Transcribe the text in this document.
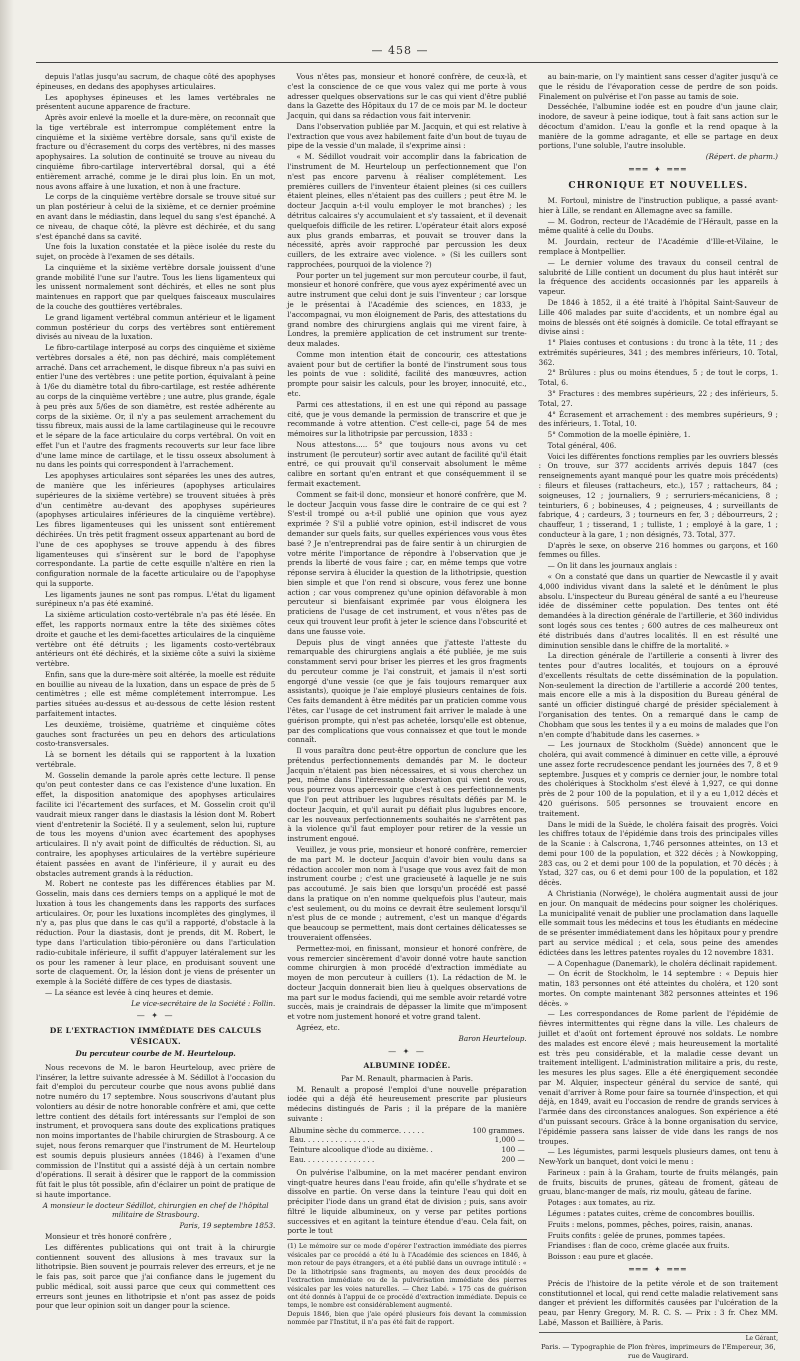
— 458 —

depuis l'atlas jusqu'au sacrum, de chaque côté des apophyses épineuses, en dedans des apophyses articulaires.

Les apophyses épineuses et les lames vertébrales ne présentent aucune apparence de fracture.

Après avoir enlevé la moelle et la dure-mère, on reconnaît que la tige vertébrale est interrompue complétement entre la cinquième et la sixième vertèbre dorsale, sans qu'il existe de fracture ou d'écrasement du corps des vertèbres, ni des masses apophysaires. La solution de continuité se trouve au niveau du cinquième fibro-cartilage intervertébral dorsal, qui a été entièrement arraché, comme je le dirai plus loin. En un mot, nous avons affaire à une luxation, et non à une fracture.

Le corps de la cinquième vertèbre dorsale se trouve situé sur un plan postérieur à celui de la sixième, et ce dernier proémine en avant dans le médiastin, dans lequel du sang s'est épanché. A ce niveau, de chaque côté, la plèvre est déchirée, et du sang s'est épanché dans sa cavité.

Une fois la luxation constatée et la pièce isolée du reste du sujet, on procède à l'examen de ses détails.

La cinquième et la sixième vertèbre dorsale jouissent d'une grande mobilité l'une sur l'autre. Tous les liens ligamenteux qui les unissent normalement sont déchirés, et elles ne sont plus maintenues en rapport que par quelques faisceaux musculaires de la couche des gouttières vertébrales.

Le grand ligament vertébral commun antérieur et le ligament commun postérieur du corps des vertèbres sont entièrement divisés au niveau de la luxation.

Le fibro-cartilage interposé au corps des cinquième et sixième vertèbres dorsales a été, non pas déchiré, mais complétement arraché. Dans cet arrachement, le disque fibreux n'a pas suivi en entier l'une des vertèbres : une petite portion, équivalant à peine à 1/6e du diamètre total du fibro-cartilage, est restée adhérente au corps de la cinquième vertèbre ; une autre, plus grande, égale à peu près aux 5/6es de son diamètre, est restée adhérente au corps de la sixième. Or, il n'y a pas seulement arrachement du tissu fibreux, mais aussi de la lame cartilagineuse qui le recouvre et le sépare de la face articulaire du corps vertébral. On voit en effet l'un et l'autre des fragments recouverts sur leur face libre d'une lame mince de cartilage, et le tissu osseux absolument à nu dans les points qui correspondent à l'arrachement.

Les apophyses articulaires sont séparées les unes des autres, de manière que les inférieures (apophyses articulaires supérieures de la sixième vertèbre) se trouvent situées à près d'un centimètre au-devant des apophyses supérieures (apophyses articulaires inférieures de la cinquième vertèbre). Les fibres ligamenteuses qui les unissent sont entièrement déchirées. Un très petit fragment osseux appartenant au bord de l'une de ces apophyses se trouve appendu à des fibres ligamenteuses qui s'insèrent sur le bord de l'apophyse correspondante. La partie de cette esquille n'altère en rien la configuration normale de la facette articulaire ou de l'apophyse qui la supporte.

Les ligaments jaunes ne sont pas rompus. L'état du ligament surépineux n'a pas été examiné.

La sixième articulation costo-vertébrale n'a pas été lésée. En effet, les rapports normaux entre la tête des sixièmes côtes droite et gauche et les demi-facettes articulaires de la cinquième vertèbre ont été détruits ; les ligaments costo-vertébraux antérieurs ont été déchirés, et la sixième côte a suivi la sixième vertèbre.

Enfin, sans que la dure-mère soit altérée, la moelle est réduite en bouillie au niveau de la luxation, dans un espace de près de 5 centimètres ; elle est même complétement interrompue. Les parties situées au-dessus et au-dessous de cette lésion restent parfaitement intactes.

Les deuxième, troisième, quatrième et cinquième côtes gauches sont fracturées un peu en dehors des articulations costo-transversales.

Là se bornent les détails qui se rapportent à la luxation vertébrale.

M. Gosselin demande la parole après cette lecture. Il pense qu'on peut contester dans ce cas l'existence d'une luxation. En effet, la disposition anatomique des apophyses articulaires facilite ici l'écartement des surfaces, et M. Gosselin croit qu'il vaudrait mieux ranger dans le diastasis la lésion dont M. Robert vient d'entretenir la Société. Il y a seulement, selon lui, rupture de tous les moyens d'union avec écartement des apophyses articulaires. Il n'y avait point de difficultés de réduction. Si, au contraire, les apophyses articulaires de la vertèbre supérieure étaient passées en avant de l'inférieure, il y aurait eu des obstacles autrement grands à la réduction.

M. Robert ne conteste pas les différences établies par M. Gosselin, mais dans ces derniers temps on a appliqué le mot de luxation à tous les changements dans les rapports des surfaces articulaires. Or, pour les luxations incomplètes des ginglymes, il n'y a, pas plus que dans le cas qu'il a rapporté, d'obstacle à la réduction. Pour la diastasis, dont je prends, dit M. Robert, le type dans l'articulation tibio-péronière ou dans l'articulation radio-cubitale inférieure, il suffit d'appuyer latéralement sur les os pour les ramener à leur place, en produisant souvent une sorte de claquement. Or, la lésion dont je viens de présenter un exemple à la Société diffère de ces types de diastasis.

— La séance est levée à cinq heures et demie.

Le vice-secrétaire de la Société : Follin.

— ✦ —
DE L'EXTRACTION IMMÉDIATE DES CALCULS VÉSICAUX.
Du percuteur courbe de M. Heurteloup.

Nous recevons de M. le baron Heurteloup, avec prière de l'insérer, la lettre suivante adressée à M. Sédillot à l'occasion du fait d'emploi du percuteur courbe que nous avons publié dans notre numéro du 17 septembre. Nous souscrivons d'autant plus volontiers au désir de notre honorable confrère et ami, que cette lettre contient des détails fort intéressants sur l'emploi de son instrument, et provoquera sans doute des explications pratiques non moins importantes de l'habile chirurgien de Strasbourg. A ce sujet, nous ferons remarquer que l'instrument de M. Heurteloup est soumis depuis plusieurs années (1846) à l'examen d'une commission de l'Institut qui a assisté déjà à un certain nombre d'opérations. Il serait à désirer que le rapport de la commission fût fait le plus tôt possible, afin d'éclairer un point de pratique de si haute importance.

A monsieur le docteur Sédillot, chirurgien en chef de l'hôpital militaire de Strasbourg.

Paris, 19 septembre 1853.

Monsieur et très honoré confrère ,

Les différentes publications qui ont trait à la chirurgie contiennent souvent des allusions à mes travaux sur la lithotripsie. Bien souvent je pourrais relever des erreurs, et je ne le fais pas, soit parce que j'ai confiance dans le jugement du public médical, soit aussi parce que ceux qui commettent ces erreurs sont jeunes en lithotripsie et n'ont pas assez de poids pour que leur opinion soit un danger pour la science.

Vous n'êtes pas, monsieur et honoré confrère, de ceux-là, et c'est la conscience de ce que vous valez qui me porte à vous adresser quelques observations sur le cas qui vient d'être publié dans la Gazette des Hôpitaux du 17 de ce mois par M. le docteur Jacquin, qui dans sa rédaction vous fait intervenir.

Dans l'observation publiée par M. Jacquin, et qui est relative à l'extraction que vous avez habilement faite d'un bout de tuyau de pipe de la vessie d'un malade, il s'exprime ainsi :

« M. Sédillot voudrait voir accomplir dans la fabrication de l'instrument de M. Heurteloup un perfectionnement que l'on n'est pas encore parvenu à réaliser complétement. Les premières cuillers de l'inventeur étaient pleines (si ces cuillers étaient pleines, elles n'étaient pas des cuillers ; peut être M. le docteur Jacquin a-t-il voulu employer le mot branches) ; les détritus calcaires s'y accumulaient et s'y tassaient, et il devenait quelquefois difficile de les retirer. L'opérateur était alors exposé aux plus grands embarras, et pouvait se trouver dans la nécessité, après avoir rapproché par percussion les deux cuillers, de les extraire avec violence. » (Si les cuillers sont rapprochées, pourquoi de la violence ?)

Pour porter un tel jugement sur mon percuteur courbe, il faut, monsieur et honoré confrère, que vous ayez expérimenté avec un autre instrument que celui dont je suis l'inventeur ; car lorsque je le présentai à l'Académie des sciences, en 1833, je l'accompagnai, vu mon éloignement de Paris, des attestations du grand nombre des chirurgiens anglais qui me virent faire, à Londres, la première application de cet instrument sur trente-deux malades.

Comme mon intention était de concourir, ces attestations avaient pour but de certifier la bonté de l'instrument sous tous les points de vue : solidité, facilité des manœuvres, action prompte pour saisir les calculs, pour les broyer, innocuité, etc., etc.

Parmi ces attestations, il en est une qui répond au passage cité, que je vous demande la permission de transcrire et que je recommande à votre attention. C'est celle-ci, page 54 de mes mémoires sur la lithotripsie par percussion, 1833 :

Nous attestons..... 5° que toujours nous avons vu cet instrument (le percuteur) sortir avec autant de facilité qu'il était entré, ce qui prouvait qu'il conservait absolument le même calibre en sortant qu'en entrant et que conséquemment il se fermait exactement.

Comment se fait-il donc, monsieur et honoré confrère, que M. le docteur Jacquin vous fasse dire le contraire de ce qui est ? S'est-il trompé ou a-t-il publié une opinion que vous ayez exprimée ? S'il a publié votre opinion, est-il indiscret de vous demander sur quels faits, sur quelles expériences vous vous êtes basé ? Je n'entreprendrai pas de faire sentir à un chirurgien de votre mérite l'importance de répondre à l'observation que je prends la liberté de vous faire ; car, en même temps que votre réponse servira à élucider la question de la lithotripsie, question bien simple et que l'on rend si obscure, vous ferez une bonne action ; car vous comprenez qu'une opinion défavorable à mon percuteur si bienfaisant exprimée par vous éloignera les praticiens de l'usage de cet instrument, et vous n'êtes pas de ceux qui trouvent leur profit à jeter le science dans l'obscurité et dans une fausse voie.

Depuis plus de vingt années que j'atteste l'atteste du remarquable des chirurgiens anglais a été publiée, je me suis constamment servi pour briser les pierres et les gros fragments du percuteur comme je l'ai construit, et jamais il n'est sorti engorgé d'une vessie (ce que je fais toujours remarquer aux assistants), quoique je l'aie employé plusieurs centaines de fois. Ces faits demandent à être médités par un praticien comme vous l'êtes, car l'usage de cet instrument fait arriver le malade à une guérison prompte, qui n'est pas achetée, lorsqu'elle est obtenue, par des complications que vous connaissez et que tout le monde connaît.

Il vous paraîtra donc peut-être opportun de conclure que les prétendus perfectionnements demandés par M. le docteur Jacquin n'étaient pas bien nécessaires, et si vous cherchez un peu, même dans l'intéressante observation qui vient de vous, vous pourrez vous apercevoir que c'est à ces perfectionnements que l'on peut attribuer les lugubres résultats défiés par M. le docteur Jacquin, et qu'il aurait pu défiait plus lugubres encore, car les nouveaux perfectionnements souhaités ne s'arrêtent pas à la violence qu'il faut employer pour retirer de la vessie un instrument engoué.

Veuillez, je vous prie, monsieur et honoré confrère, remercier de ma part M. le docteur Jacquin d'avoir bien voulu dans sa rédaction accoler mon nom à l'usage que vous avez fait de mon instrument courbe ; c'est une gracieuseté à laquelle je ne suis pas accoutumé. Je sais bien que lorsqu'un procédé est passé dans la pratique on n'en nomme quelquefois plus l'auteur, mais c'est seulement, ou du moins ce devrait être seulement lorsqu'il n'est plus de ce monde ; autrement, c'est un manque d'égards que beaucoup se permettent, mais dont certaines délicatesses se trouveraient offensées.

Permettez-moi, en finissant, monsieur et honoré confrère, de vous remercier sincèrement d'avoir donné votre haute sanction comme chirurgien à mon procédé d'extraction immédiate au moyen de mon percuteur à cuillers (1). La rédaction de M. le docteur Jacquin donnerait bien lieu à quelques observations de ma part sur le modus faciendi, qui me semble avoir retardé votre succès, mais je craindrais de dépasser la limite que m'imposent et votre nom justement honoré et votre grand talent.

Agréez, etc.

Baron Heurteloup.

— ✦ —
ALBUMINE IODÉE.

Par M. Renault, pharmacien à Paris.

M. Renault a proposé l'emploi d'une nouvelle préparation iodée qui a déjà été heureusement prescrite par plusieurs médecins distingués de Paris ; il la prépare de la manière suivante :

Albumine sèche du commerce. . . . . .	100 grammes.
Eau. . . . . . . . . . . . . . . .	1,000 —
Teinture alcoolique d'iode au dixième. .	100 —
Eau. . . . . . . . . . . . . . . .	200 —

On pulvérise l'albumine, on la met macérer pendant environ vingt-quatre heures dans l'eau froide, afin qu'elle s'hydrate et se dissolve en partie. On verse dans la teinture l'eau qui doit en précipiter l'iode dans un grand état de division ; puis, sans avoir filtré le liquide albumineux, on y verse par petites portions successives et en agitant la teinture étendue d'eau. Cela fait, on porte le tout

(1) Le mémoire sur ce mode d'opérer l'extraction immédiate des pierres vésicales par ce procédé a été lu à l'Académie des sciences en 1846, à mon retour de pays étrangers, et a été publié dans un ouvrage intitulé : « De la lithotripsie sans fragments, au moyen des deux procédés de l'extraction immédiate ou de la pulvérisation immédiate des pierres vésicales par les voies naturelles. — Chez Labé. » 175 cas de guérison ont été donnés à l'appui de ce procédé d'extraction immédiate. Depuis ce temps, le nombre est considérablement augmenté.
Depuis 1846, bien que j'aie opéré plusieurs fois devant la commission nommée par l'Institut, il n'a pas été fait de rapport.

au bain-marie, on l'y maintient sans cesser d'agiter jusqu'à ce que le résidu de l'évaporation cesse de perdre de son poids. Finalement on pulvérise et l'on passe au tamis de soie.

Desséchée, l'albumine iodée est en poudre d'un jaune clair, inodore, de saveur à peine iodique, tout à fait sans action sur le décoctum d'amidon. L'eau la gonfle et la rend opaque à la manière de la gomme adragante, et elle se partage en deux portions, l'une soluble, l'autre insoluble.

(Répert. de pharm.)

═══ ✦ ═══
CHRONIQUE ET NOUVELLES.

M. Fortoul, ministre de l'instruction publique, a passé avant-hier à Lille, se rendant en Allemagne avec sa famille.

— M. Godron, recteur de l'Académie de l'Hérault, passe en la même qualité à celle du Doubs.

M. Jourdain, recteur de l'Académie d'Ille-et-Vilaine, le remplace à Montpellier.

— Le dernier volume des travaux du conseil central de salubrité de Lille contient un document du plus haut intérêt sur la fréquence des accidents occasionnés par les appareils à vapeur.

De 1846 à 1852, il a été traité à l'hôpital Saint-Sauveur de Lille 406 malades par suite d'accidents, et un nombre égal au moins de blessés ont été soignés à domicile. Ce total effrayant se divise ainsi :

1° Plaies contuses et contusions : du tronc à la tête, 11 ; des extrémités supérieures, 341 ; des membres inférieurs, 10. Total, 362.

2° Brûlures : plus ou moins étendues, 5 ; de tout le corps, 1. Total, 6.

3° Fractures : des membres supérieurs, 22 ; des inférieurs, 5. Total, 27.

4° Écrasement et arrachement : des membres supérieurs, 9 ; des inférieurs, 1. Total, 10.

5° Commotion de la moelle épinière, 1.

Total général, 406.

Voici les différentes fonctions remplies par les ouvriers blessés : On trouve, sur 377 accidents arrivés depuis 1847 (ces renseignements ayant manqué pour les quatre mois précédents) : fileurs et fileuses (rattacheurs, etc.), 157 ; rattacheurs, 84 ; soigneuses, 12 ; journaliers, 9 ; serruriers-mécaniciens, 8 ; teinturiers, 6 ; bobineuses, 4 ; peigneuses, 4 ; surveillants de fabrique, 4 ; cardeurs, 3 ; tourneurs en fer, 3 ; débourreurs, 2 ; chauffeur, 1 ; tisserand, 1 ; tulliste, 1 ; employé à la gare, 1 ; conducteur à la gare, 1 ; non désignés, 73. Total, 377.

D'après le sexe, on observe 216 hommes ou garçons, et 160 femmes ou filles.

— On lit dans les journaux anglais :

« On a constaté que dans un quartier de Newcastle il y avait 4,000 individus vivant dans la saleté et le dénûment le plus absolu. L'inspecteur du Bureau général de santé a eu l'heureuse idée de disséminer cette population. Des tentes ont été demandées à la direction générale de l'artillerie, et 360 individus sont logés sous ces tentes ; 600 autres de ces malheureux ont été distribués dans d'autres localités. Il en est résulté une diminution sensible dans le chiffre de la mortalité. »

La direction générale de l'artillerie a consenti à livrer des tentes pour d'autres localités, et toujours on a éprouvé d'excellents résultats de cette dissémination de la population. Non-seulement la direction de l'artillerie a accordé 200 tentes, mais encore elle a mis à la disposition du Bureau général de santé un officier distingué chargé de présider spécialement à l'organisation des tentes. On a remarqué dans le camp de Chobham que sous les tentes il y a eu moins de malades que l'on n'en compte d'habitude dans les casernes. »

— Les journaux de Stockholm (Suède) annoncent que le choléra, qui avait commencé à diminuer en cette ville, a éprouvé une assez forte recrudescence pendant les journées des 7, 8 et 9 septembre. Jusques et y compris ce dernier jour, le nombre total des cholériques à Stockholm s'est élevé à 1,927, ce qui donne près de 2 pour 100 de la population, et il y a eu 1,012 décès et 420 guérisons. 505 personnes se trouvaient encore en traitement.

Dans le midi de la Suède, le choléra faisait des progrès. Voici les chiffres totaux de l'épidémie dans trois des principales villes de la Scanie : à Calscrona, 1,746 personnes atteintes, on 13 et demi pour 100 de la population, et 322 décès ; à Nowkopping, 283 cas, ou 2 et demi pour 100 de la population, et 70 décès ; à Ystad, 327 cas, ou 6 et demi pour 100 de la population, et 182 décès.

A Christiania (Norwége), le choléra augmentait aussi de jour en jour. On manquait de médecins pour soigner les cholériques. La municipalité venait de publier une proclamation dans laquelle elle sommait tous les médecins et tous les étudiants en médecine de se présenter immédiatement dans les hôpitaux pour y prendre part au service médical ; et cela, sous peine des amendes édictées dans les lettres patentes royales du 12 novembre 1831.

— A Copenhague (Danemark), le choléra déclinait rapidement.

— On écrit de Stockholm, le 14 septembre : « Depuis hier matin, 183 personnes ont été atteintes du choléra, et 120 sont mortes. On compte maintenant 382 personnes atteintes et 196 décès. »

— Les correspondances de Rome parlent de l'épidémie de fièvres intermittentes qui règne dans la ville. Les chaleurs de juillet et d'août ont fortement éprouvé nos soldats. Le nombre des malades est encore élevé ; mais heureusement la mortalité est très peu considérable, et la maladie cesse devant un traitement intelligent. L'administration militaire a pris, du reste, les mesures les plus sages. Elle a été énergiquement secondée par M. Alquier, inspecteur général du service de santé, qui venait d'arriver à Rome pour faire sa tournée d'inspection, et qui déjà, en 1849, avait eu l'occasion de rendre de grands services à l'armée dans des circonstances analogues. Son expérience a été d'un puissant secours. Grâce à la bonne organisation du service, l'épidémie passera sans laisser de vide dans les rangs de nos troupes.

— Les légumistes, parmi lesquels plusieurs dames, ont tenu à New-York un banquet, dont voici le menu :

Farineux : pain à la Graham, tourte de fruits mélangés, pain de fruits, biscuits de prunes, gâteau de froment, gâteau de gruau, blanc-manger de maïs, riz moulu, gâteau de farine.

Potages : aux tomates, au riz.

Légumes : patates cuites, crème de concombres bouillis.

Fruits : melons, pommes, pêches, poires, raisin, ananas.

Fruits confits : gelée de prunes, pommes tapées.

Friandises : flan de coco, crème glacée aux fruits.

Boisson : eau pure et glacée.

═══ ✦ ═══

Précis de l'histoire de la petite vérole et de son traitement constitutionnel et local, qui rend cette maladie relativement sans danger et prévient les difformités causées par l'ulcération de la peau, par Henry Gregory, M. R. C. S. — Prix : 3 fr. Chez MM. Labé, Masson et Baillière, à Paris.

Le Gérant,
Paris. — Typographie de Plon frères, imprimeurs de l'Empereur, 36, rue de Vaugirard.
